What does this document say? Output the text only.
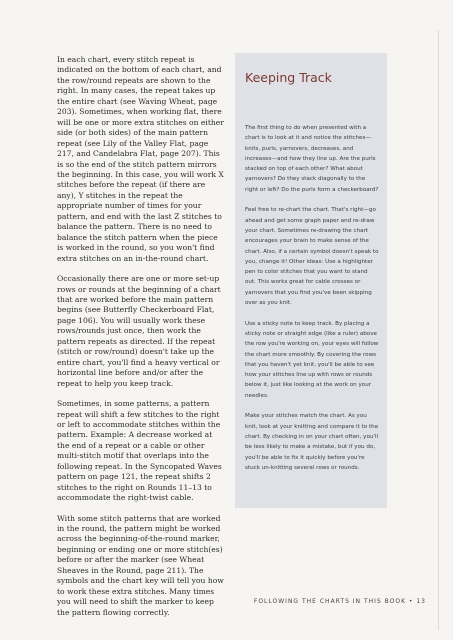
In each chart, every stitch repeat is indicated on the bottom of each chart, and the row/round repeats are shown to the right. In many cases, the repeat takes up the entire chart (see Waving Wheat, page 203). Sometimes, when working flat, there will be one or more extra stitches on either side (or both sides) of the main pattern repeat (see Lily of the Valley Flat, page 217, and Candelabra Flat, page 207). This is so the end of the stitch pattern mirrors the beginning. In this case, you will work X stitches before the repeat (if there are any), Y stitches in the repeat the appropriate number of times for your pattern, and end with the last Z stitches to balance the pattern. There is no need to balance the stitch pattern when the piece is worked in the round, so you won't find extra stitches on an in-the-round chart.

Occasionally there are one or more set-up rows or rounds at the beginning of a chart that are worked before the main pattern begins (see Butterfly Checkerboard Flat, page 106). You will usually work these rows/rounds just once, then work the pattern repeats as directed. If the repeat (stitch or row/round) doesn't take up the entire chart, you'll find a heavy vertical or horizontal line before and/or after the repeat to help you keep track.

Sometimes, in some patterns, a pattern repeat will shift a few stitches to the right or left to accommodate stitches within the pattern. Example: A decrease worked at the end of a repeat or a cable or other multi-stitch motif that overlaps into the following repeat. In the Syncopated Waves pattern on page 121, the repeat shifts 2 stitches to the right on Rounds 11–13 to accommodate the right-twist cable.

With some stitch patterns that are worked in the round, the pattern might be worked across the beginning-of-the-round marker, beginning or ending one or more stitch(es) before or after the marker (see Wheat Sheaves in the Round, page 211). The symbols and the chart key will tell you how to work these extra stitches. Many times you will need to shift the marker to keep the pattern flowing correctly.

Keeping Track

The first thing to do when presented with a chart is to look at it and notice the stitches—knits, purls, yarnovers, decreases, and increases—and how they line up. Are the purls stacked on top of each other? What about yarnovers? Do they stack diagonally to the right or left? Do the purls form a checkerboard?

Feel free to re-chart the chart. That's right—go ahead and get some graph paper and re-draw your chart. Sometimes re-drawing the chart encourages your brain to make sense of the chart. Also, if a certain symbol doesn't speak to you, change it! Other ideas: Use a highlighter pen to color stitches that you want to stand out. This works great for cable crosses or yarnovers that you find you've been skipping over as you knit.

Use a sticky note to keep track. By placing a sticky note or straight edge (like a ruler) above the row you're working on, your eyes will follow the chart more smoothly. By covering the rows that you haven't yet knit, you'll be able to see how your stitches line up with rows or rounds below it, just like looking at the work on your needles.

Make your stitches match the chart. As you knit, look at your knitting and compare it to the chart. By checking in on your chart often, you'll be less likely to make a mistake, but if you do, you'll be able to fix it quickly before you're stuck un-knitting several rows or rounds.

FOLLOWING THE CHARTS IN THIS BOOK • 13
